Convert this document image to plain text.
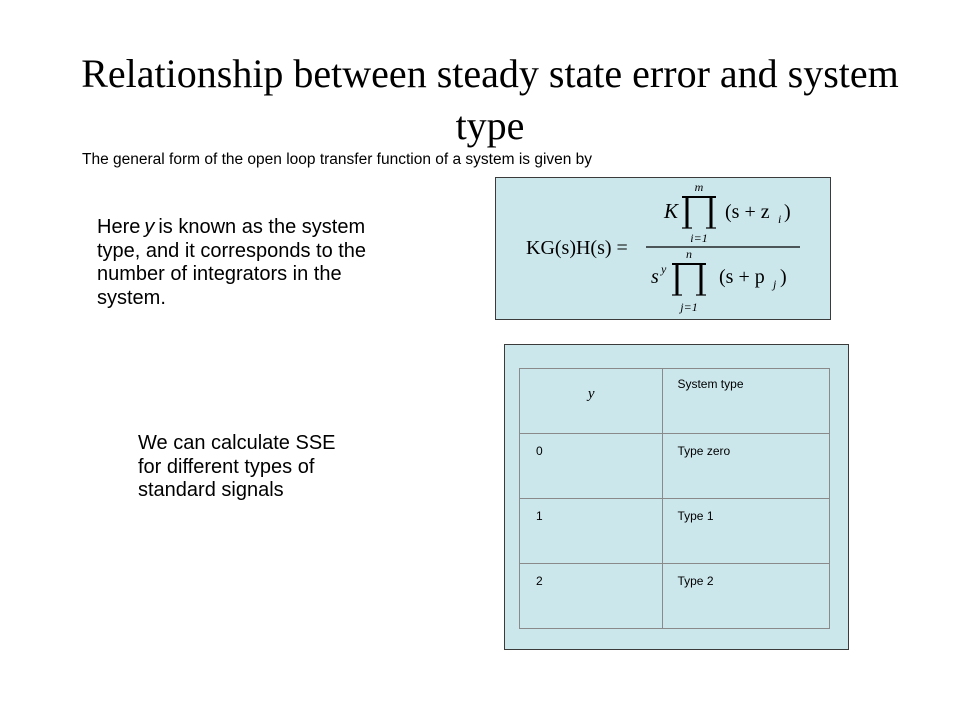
Relationship between steady state error and system type
The general form of the open loop transfer function of a system is given by
Here y is known as the system type, and it corresponds to the number of integrators in the system.
We can calculate SSE for different types of standard signals
KG(s)H(s) =
K
m
i=1
(s + z i )
s y
n
j=1
(s + p j )
y	System type

0	Type zero

1	Type 1

2	Type 2
